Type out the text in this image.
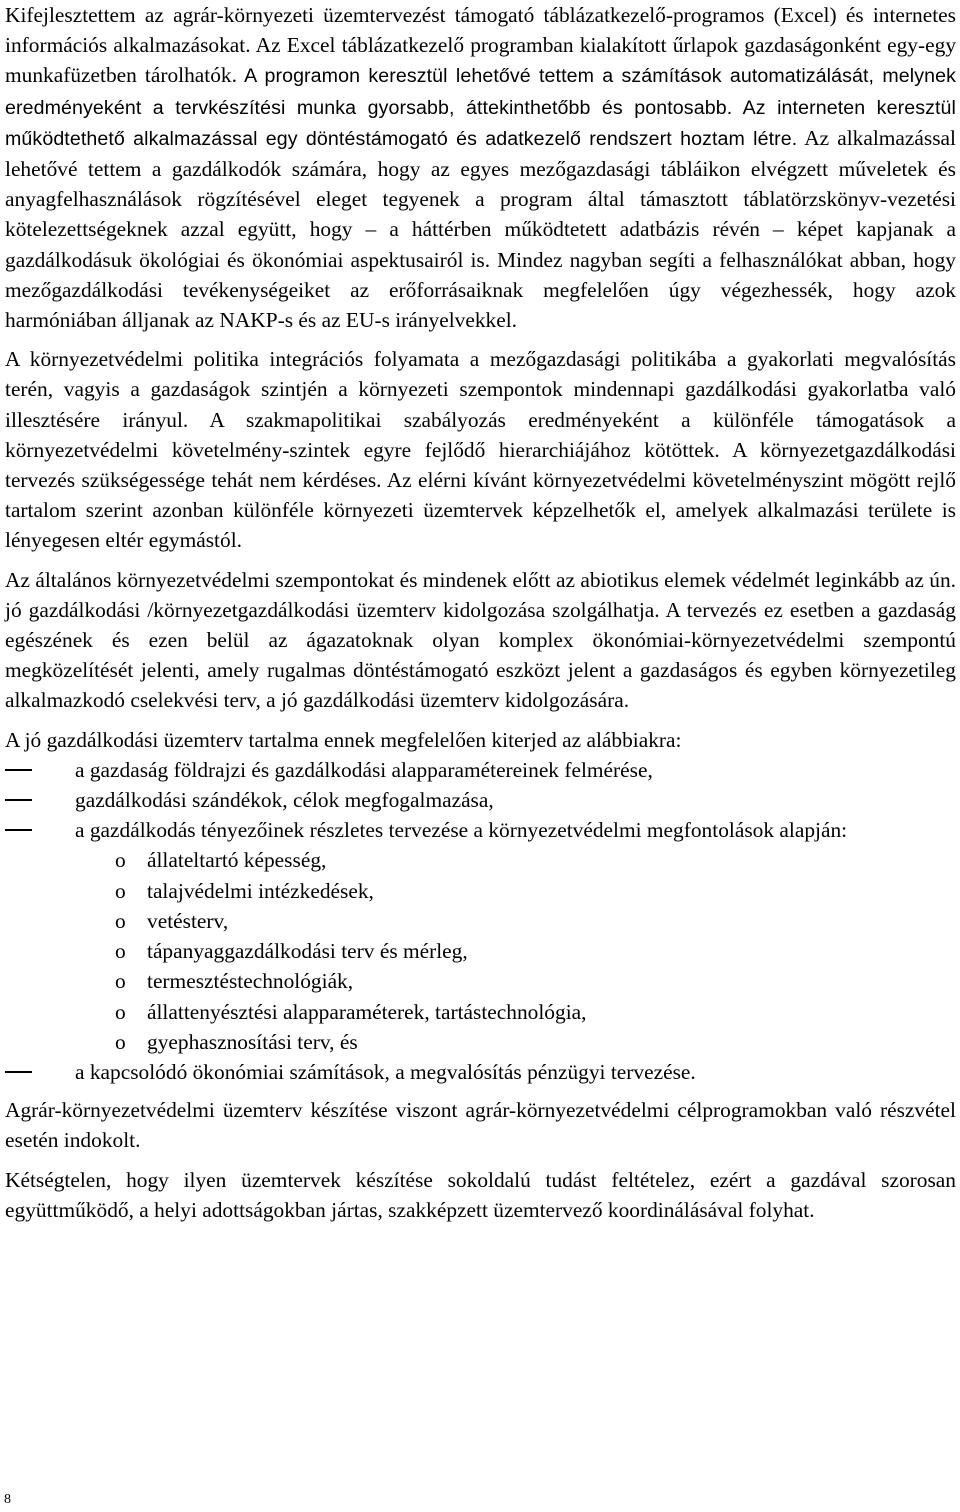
Kifejlesztettem az agrár-környezeti üzemtervezést támogató táblázatkezelő-programos (Excel) és internetes információs alkalmazásokat. Az Excel táblázatkezelő programban kialakított űrlapok gazdaságonként egy-egy munkafüzetben tárolhatók. A programon keresztül lehetővé tettem a számítások automatizálását, melynek eredményeként a tervkészítési munka gyorsabb, áttekinthetőbb és pontosabb. Az interneten keresztül működtethető alkalmazással egy döntéstámogató és adatkezelő rendszert hoztam létre. Az alkalmazással lehetővé tettem a gazdálkodók számára, hogy az egyes mezőgazdasági tábláikon elvégzett műveletek és anyagfelhasználások rögzítésével eleget tegyenek a program által támasztott táblatörzskönyv-vezetési kötelezettségeknek azzal együtt, hogy – a háttérben működtetett adatbázis révén – képet kapjanak a gazdálkodásuk ökológiai és ökonómiai aspektusairól is. Mindez nagyban segíti a felhasználókat abban, hogy mezőgazdálkodási tevékenységeiket az erőforrásaiknak megfelelően úgy végezhessék, hogy azok harmóniában álljanak az NAKP-s és az EU-s irányelvekkel.

A környezetvédelmi politika integrációs folyamata a mezőgazdasági politikába a gyakorlati megvalósítás terén, vagyis a gazdaságok szintjén a környezeti szempontok mindennapi gazdálkodási gyakorlatba való illesztésére irányul. A szakmapolitikai szabályozás eredményeként a különféle támogatások a környezetvédelmi követelmény-szintek egyre fejlődő hierarchiájához kötöttek. A környezetgazdálkodási tervezés szükségessége tehát nem kérdéses. Az elérni kívánt környezetvédelmi követelményszint mögött rejlő tartalom szerint azonban különféle környezeti üzemtervek képzelhetők el, amelyek alkalmazási területe is lényegesen eltér egymástól.

Az általános környezetvédelmi szempontokat és mindenek előtt az abiotikus elemek védelmét leginkább az ún. jó gazdálkodási /környezetgazdálkodási üzemterv kidolgozása szolgálhatja. A tervezés ez esetben a gazdaság egészének és ezen belül az ágazatoknak olyan komplex ökonómiai-környezetvédelmi szempontú megközelítését jelenti, amely rugalmas döntéstámogató eszközt jelent a gazdaságos és egyben környezetileg alkalmazkodó cselekvési terv, a jó gazdálkodási üzemterv kidolgozására.

A jó gazdálkodási üzemterv tartalma ennek megfelelően kiterjed az alábbiakra:

a gazdaság földrajzi és gazdálkodási alapparamétereinek felmérése,
gazdálkodási szándékok, célok megfogalmazása,
a gazdálkodás tényezőinek részletes tervezése a környezetvédelmi megfontolások alapján:
o állateltartó képesség,
o talajvédelmi intézkedések,
o vetésterv,
o tápanyaggazdálkodási terv és mérleg,
o termesztéstechnológiák,
o állattenyésztési alapparaméterek, tartástechnológia,
o gyephasznosítási terv, és
a kapcsolódó ökonómiai számítások, a megvalósítás pénzügyi tervezése.

Agrár-környezetvédelmi üzemterv készítése viszont agrár-környezetvédelmi célprogramokban való részvétel esetén indokolt.

Kétségtelen, hogy ilyen üzemtervek készítése sokoldalú tudást feltételez, ezért a gazdával szorosan együttműködő, a helyi adottságokban jártas, szakképzett üzemtervező koordinálásával folyhat.

8
